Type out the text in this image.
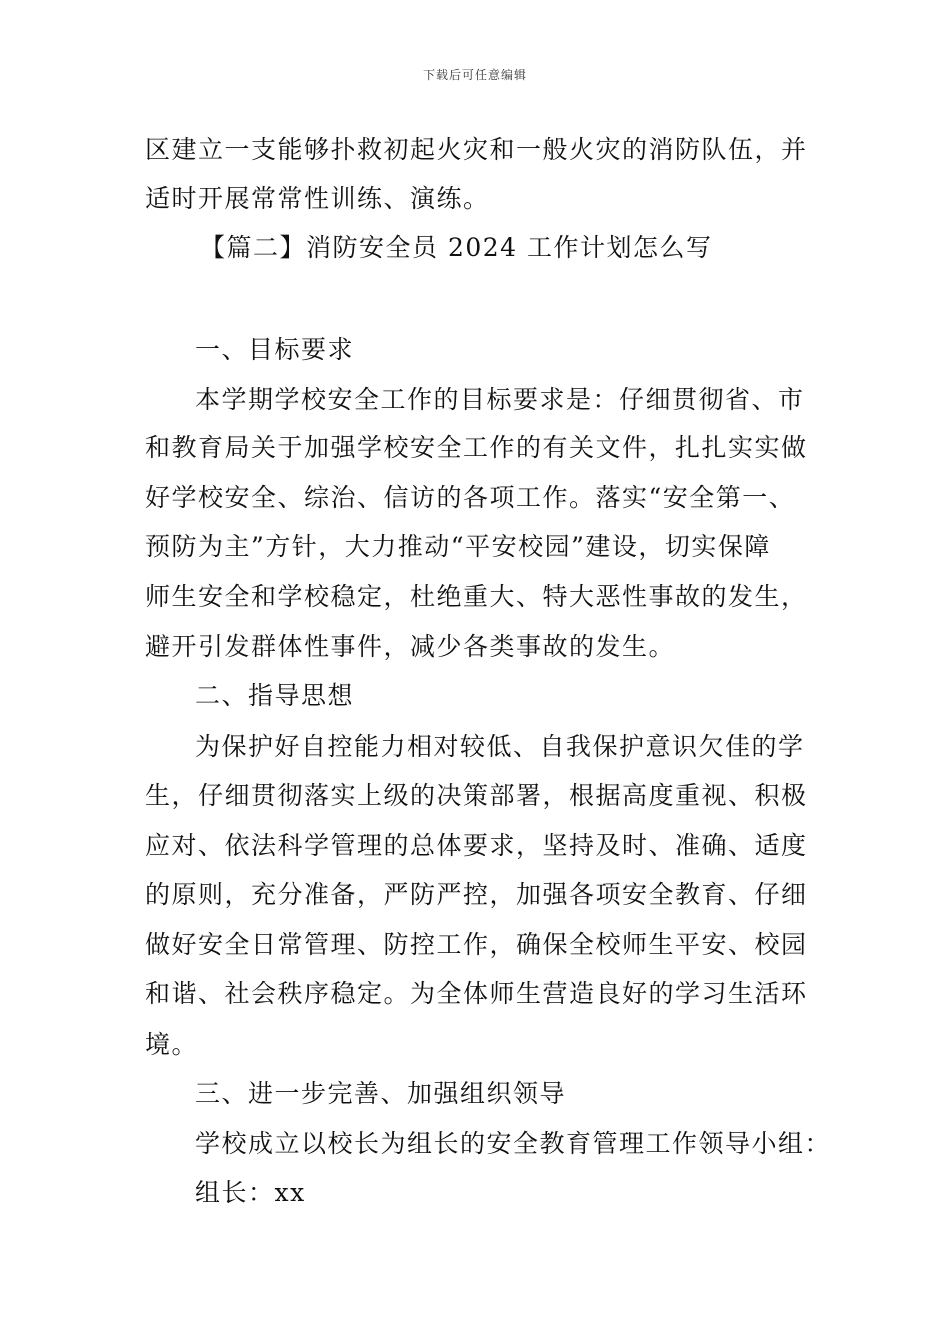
下载后可任意编辑
区建立一支能够扑救初起火灾和一般火灾的消防队伍，并
适时开展常常性训练、演练。
【篇二】消防安全员 2024 工作计划怎么写
一、目标要求
本学期学校安全工作的目标要求是：仔细贯彻省、市
和教育局关于加强学校安全工作的有关文件，扎扎实实做
好学校安全、综治、信访的各项工作。落实“安全第一、
预防为主”方针，大力推动“平安校园”建设，切实保障
师生安全和学校稳定，杜绝重大、特大恶性事故的发生，
避开引发群体性事件，减少各类事故的发生。
二、指导思想
为保护好自控能力相对较低、自我保护意识欠佳的学
生，仔细贯彻落实上级的决策部署，根据高度重视、积极
应对、依法科学管理的总体要求，坚持及时、准确、适度
的原则，充分准备，严防严控，加强各项安全教育、仔细
做好安全日常管理、防控工作，确保全校师生平安、校园
和谐、社会秩序稳定。为全体师生营造良好的学习生活环
境。
三、进一步完善、加强组织领导
学校成立以校长为组长的安全教育管理工作领导小组：
组长：xx
